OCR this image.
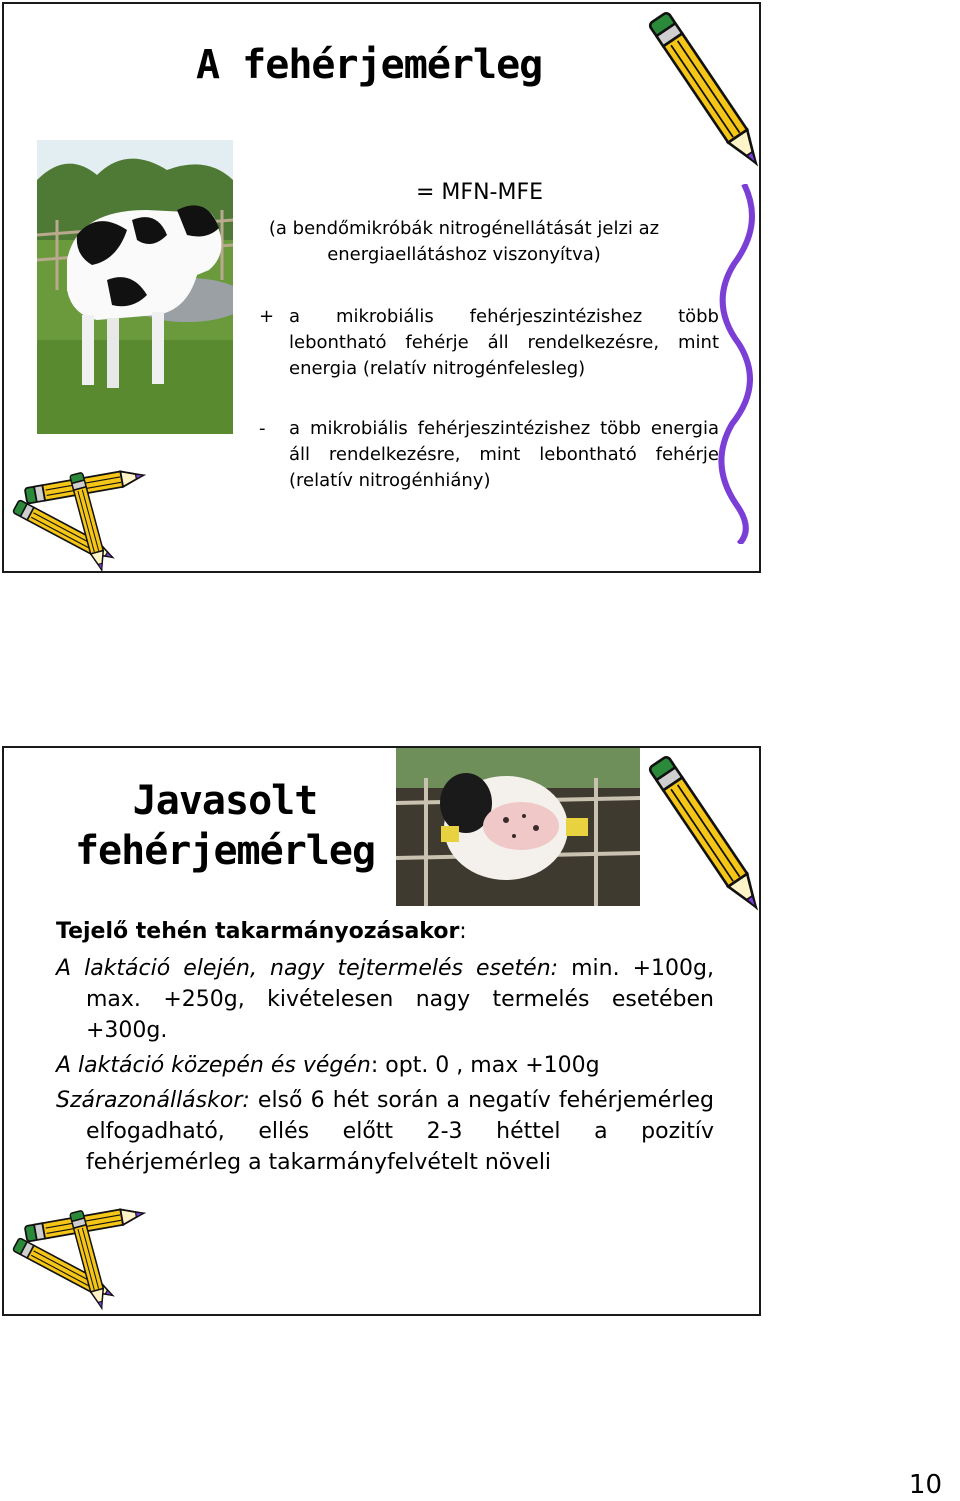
A fehérjemérleg
= MFN-MFE
(a bendőmikróbák nitrogénellátását jelzi az energiaellátáshoz viszonyítva)
+ a mikrobiális fehérjeszintézishez több lebontható fehérje áll rendelkezésre, mint energia (relatív nitrogénfelesleg)
- a mikrobiális fehérjeszintézishez több energia áll rendelkezésre, mint lebontható fehérje (relatív nitrogénhiány)
Javasolt
fehérjemérleg

Tejelő tehén takarmányozásakor:

A laktáció elején, nagy tejtermelés esetén: min. +100g, max. +250g, kivételesen nagy termelés esetében +300g.

A laktáció közepén és végén: opt. 0 , max +100g

Szárazonálláskor: első 6 hét során a negatív fehérjemérleg elfogadható, ellés előtt 2-3 héttel a pozitív fehérjemérleg a takarmányfelvételt növeli

10
